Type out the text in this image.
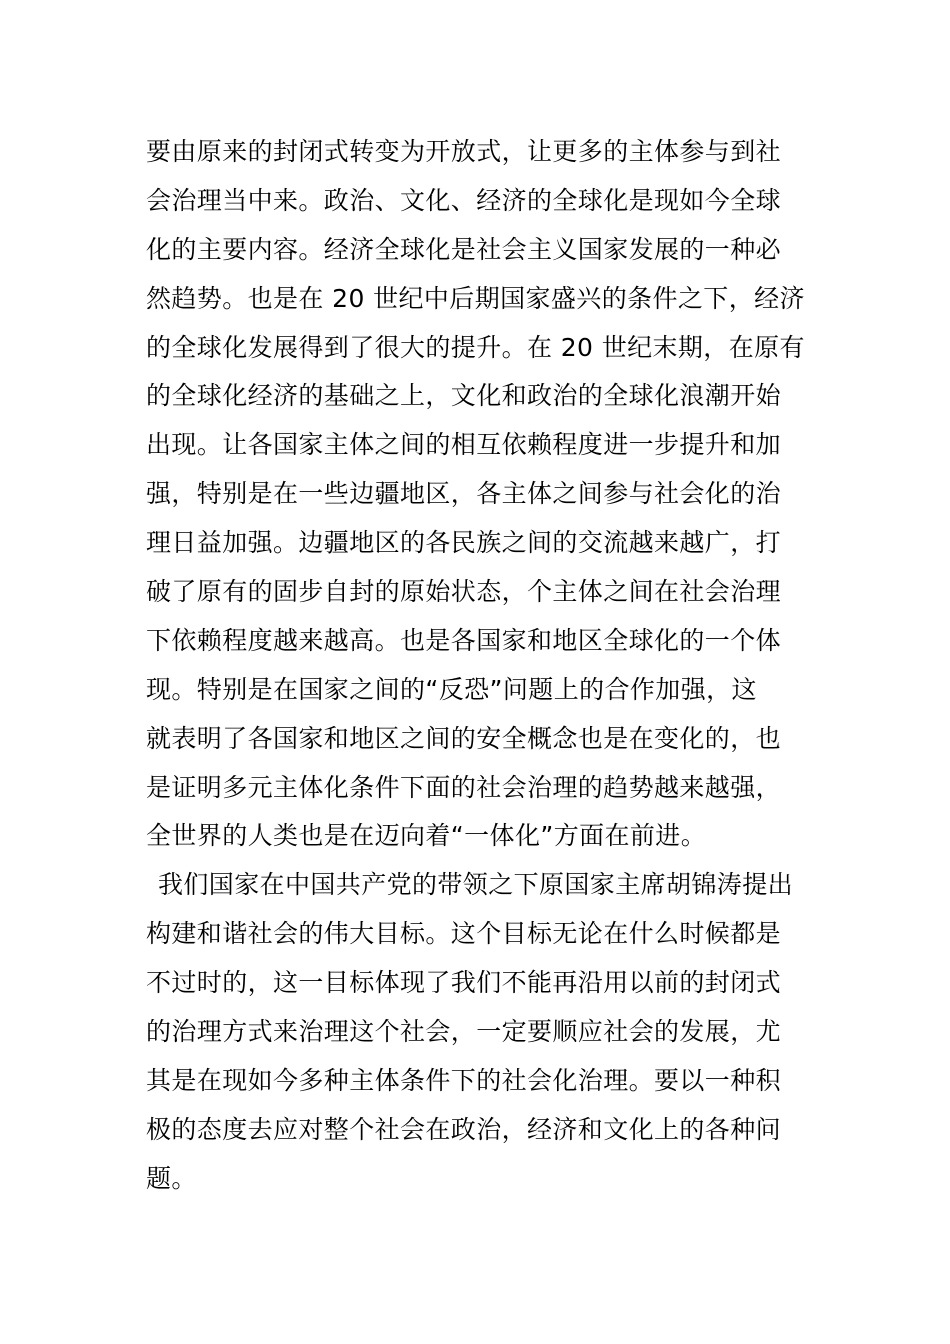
要由原来的封闭式转变为开放式，让更多的主体参与到社
会治理当中来。政治、文化、经济的全球化是现如今全球
化的主要内容。经济全球化是社会主义国家发展的一种必
然趋势。也是在 20 世纪中后期国家盛兴的条件之下，经济
的全球化发展得到了很大的提升。在 20 世纪末期，在原有
的全球化经济的基础之上，文化和政治的全球化浪潮开始
出现。让各国家主体之间的相互依赖程度进一步提升和加
强，特别是在一些边疆地区，各主体之间参与社会化的治
理日益加强。边疆地区的各民族之间的交流越来越广，打
破了原有的固步自封的原始状态，个主体之间在社会治理
下依赖程度越来越高。也是各国家和地区全球化的一个体
现。特别是在国家之间的“反恐”问题上的合作加强，这
就表明了各国家和地区之间的安全概念也是在变化的，也
是证明多元主体化条件下面的社会治理的趋势越来越强，
全世界的人类也是在迈向着“一体化”方面在前进。
我们国家在中国共产党的带领之下原国家主席胡锦涛提出
构建和谐社会的伟大目标。这个目标无论在什么时候都是
不过时的，这一目标体现了我们不能再沿用以前的封闭式
的治理方式来治理这个社会，一定要顺应社会的发展，尤
其是在现如今多种主体条件下的社会化治理。要以一种积
极的态度去应对整个社会在政治，经济和文化上的各种问
题。
